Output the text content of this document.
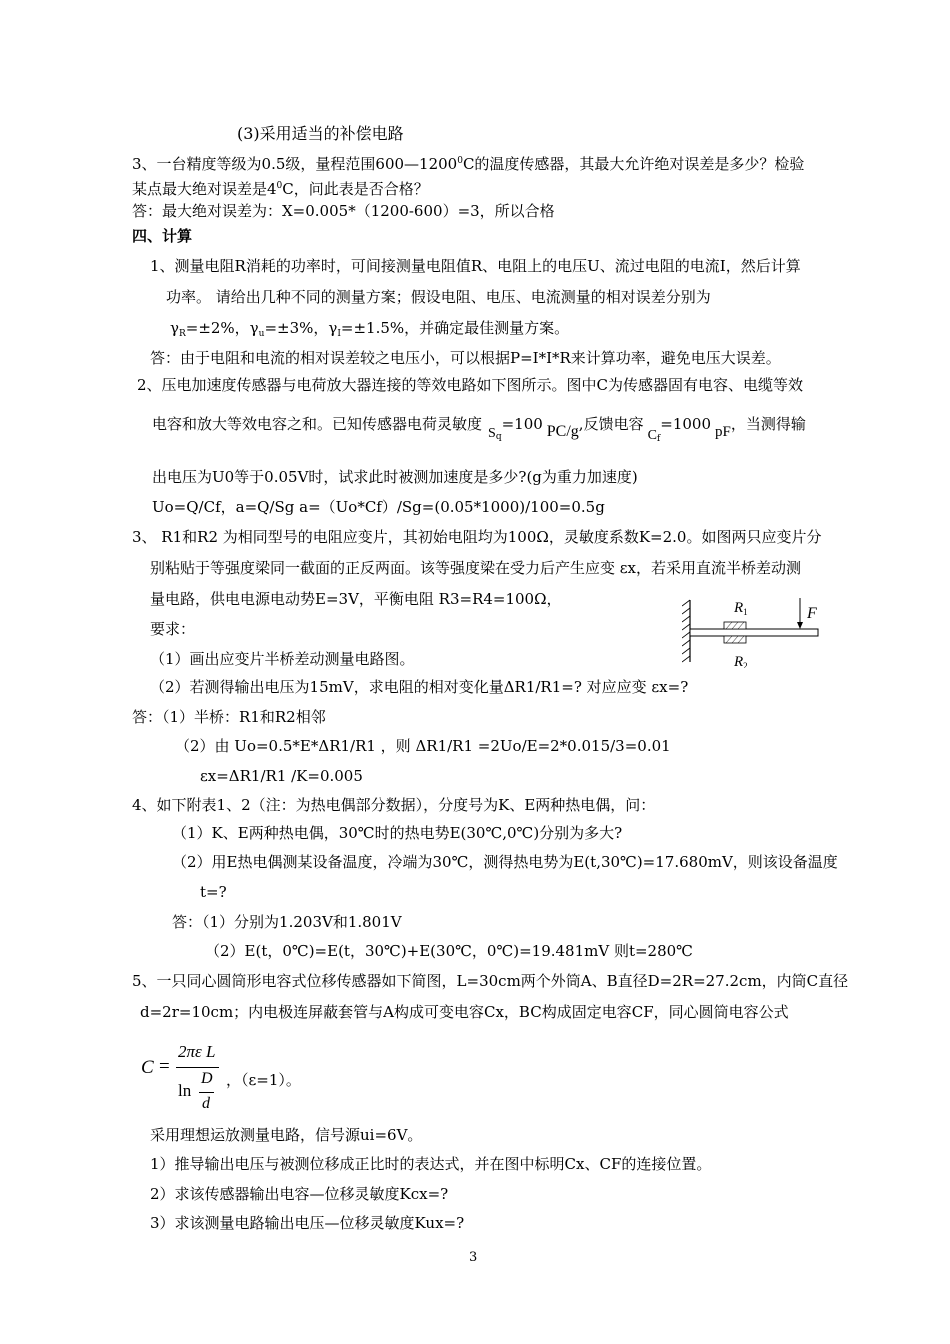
(3)采用适当的补偿电路
3、一台精度等级为0.5级，量程范围600—1200$^0$C的温度传感器，其最大允许绝对误差是多少？检验
某点最大绝对误差是$4^0C$，问此表是否合格？
答：最大绝对误差为：X=0.005*（1200-600）=3，所以合格
四、计算
1、测量电阻R消耗的功率时，可间接测量电阻值R、电阻上的电压U、流过电阻的电流I，然后计算
功率。 请给出几种不同的测量方案；假设电阻、电压、电流测量的相对误差分别为
$\gamma_R=\pm 2\%$，$\gamma_u=\pm 3\%$，$\gamma_I=\pm 1.5\%$，并确定最佳测量方案。
答：由于电阻和电流的相对误差较之电压小，可以根据P=I*I*R来计算功率，避免电压大误差。
2、压电加速度传感器与电荷放大器连接的等效电路如下图所示。图中C为传感器固有电容、电缆等效
电容和放大等效电容之和。已知传感器电荷灵敏度$S_q=100$ PC/g,反馈电容$C_f=1000$ pF，当测得输
出电压为U0等于0.05V时，试求此时被测加速度是多少?(g为重力加速度)
Uo=Q/Cf，a=Q/Sg a=（Uo*Cf）/Sg=(0.05*1000)/100=0.5g
3、 R1和R2 为相同型号的电阻应变片，其初始电阻均为100Ω，灵敏度系数K=2.0。如图两只应变片分
别粘贴于等强度梁同一截面的正反两面。该等强度梁在受力后产生应变 εx，若采用直流半桥差动测
量电路，供电电源电动势E=3V，平衡电阻 R3=R4=100Ω，
要求：
（1）画出应变片半桥差动测量电路图。
（2）若测得输出电压为15mV，求电阻的相对变化量ΔR1/R1=? 对应应变 εx=?
$R_1$
$R_2$
F
答：（1）半桥：R1和R2相邻
（2）由 Uo=0.5*E*ΔR1/R1 ，则 ΔR1/R1 =2Uo/E=2*0.015/3=0.01
εx=ΔR1/R1 /K=0.005
4、如下附表1、2（注：为热电偶部分数据），分度号为K、E两种热电偶，问：
（1）K、E两种热电偶，30℃时的热电势E(30℃,0℃)分别为多大?
（2）用E热电偶测某设备温度，冷端为30℃，测得热电势为E(t,30℃)=17.680mV，则该设备温度
t=?
答：（1）分别为1.203V和1.801V
（2）E(t，0℃)=E(t，30℃)+E(30℃，0℃)=19.481mV 则t=280℃
5、一只同心圆筒形电容式位移传感器如下简图，L=30cm两个外筒A、B直径D=2R=27.2cm，内筒C直径
d=2r=10cm；内电极连屏蔽套管与A构成可变电容Cx，BC构成固定电容CF，同心圆筒电容公式
C =
2πε L
ln
D
d
，（ε=1）。
采用理想运放测量电路，信号源ui=6V。
1）推导输出电压与被测位移成正比时的表达式，并在图中标明Cx、CF的连接位置。
2）求该传感器输出电容—位移灵敏度Kcx=?
3）求该测量电路输出电压—位移灵敏度Kux=?
3
